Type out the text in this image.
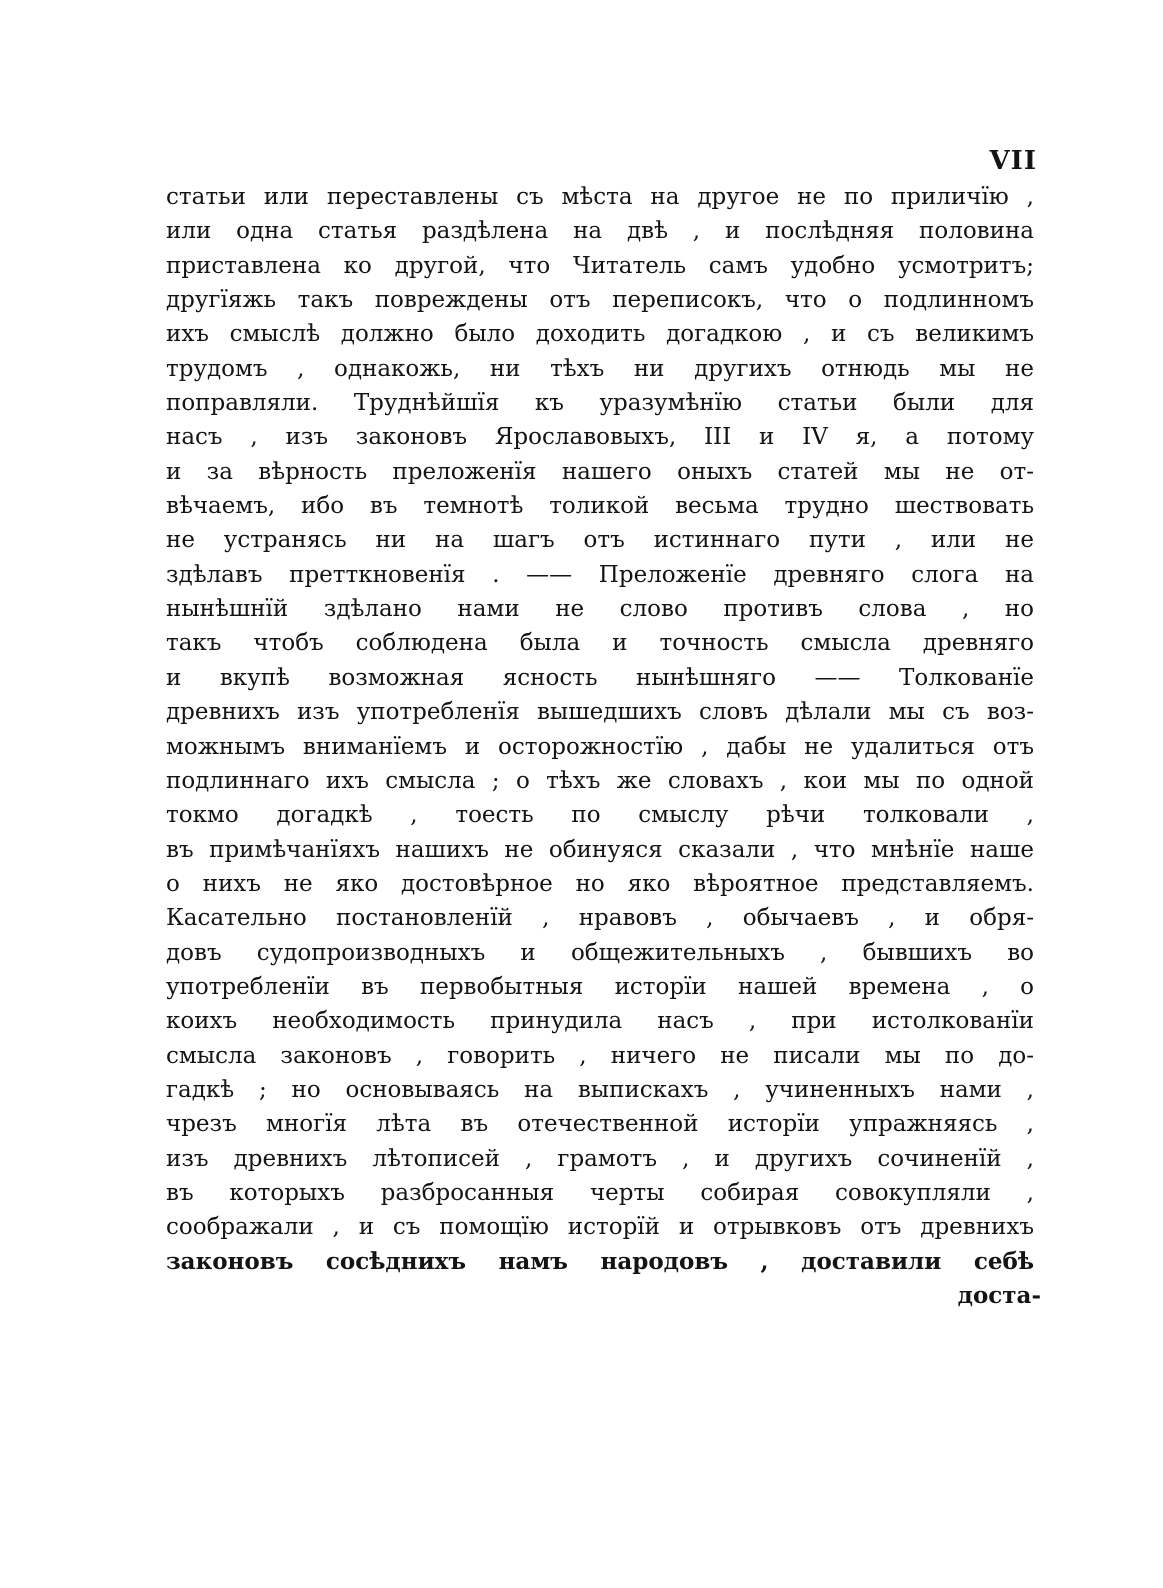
VII
статьи или переставлены съ мѣста на другое не по приличїю ,
или одна статья раздѣлена на двѣ , и послѣдняя половина
приставлена ко другой, что Читатель самъ удобно усмотритъ;
другїяжь такъ повреждены отъ переписокъ, что о подлинномъ
ихъ смыслѣ должно было доходить догадкою , и съ великимъ
трудомъ , однакожь, ни тѣхъ ни другихъ отнюдь мы не
поправляли. Труднѣйшїя къ уразумѣнїю статьи были для
насъ , изъ законовъ Ярославовыхъ, III и IV я, а потому
и за вѣрность преложенїя нашего оныхъ статей мы не от-
вѣчаемъ, ибо въ темнотѣ толикой весьма трудно шествовать
не устранясь ни на шагъ отъ истиннаго пути , или не
здѣлавъ претткновенїя . —— Преложенїе древняго слога на
нынѣшнїй здѣлано нами не слово противъ слова , но
такъ чтобъ соблюдена была и точность смысла древняго
и вкупѣ возможная ясность нынѣшняго —— Толкованїе
древнихъ изъ употребленїя вышедшихъ словъ дѣлали мы съ воз-
можнымъ вниманїемъ и осторожностїю , дабы не удалиться отъ
подлиннаго ихъ смысла ; о тѣхъ же словахъ , кои мы по одной
токмо догадкѣ , тоесть по смыслу рѣчи толковали ,
въ примѣчанїяхъ нашихъ не обинуяся сказали , что мнѣнїе наше
о нихъ не яко достовѣрное но яко вѣроятное представляемъ.
Касательно постановленїй , нравовъ , обычаевъ , и обря-
довъ судопроизводныхъ и общежительныхъ , бывшихъ во
употребленїи въ первобытныя исторїи нашей времена , о
коихъ необходимость принудила насъ , при истолкованїи
смысла законовъ , говорить , ничего не писали мы по до-
гадкѣ ; но основываясь на выпискахъ , учиненныхъ нами ,
чрезъ многїя лѣта въ отечественной исторїи упражняясь ,
изъ древнихъ лѣтописей , грамотъ , и другихъ сочиненїй ,
въ которыхъ разбросанныя черты собирая совокупляли ,
соображали , и съ помощїю исторїй и отрывковъ отъ древнихъ
законовъ сосѣднихъ намъ народовъ , доставили себѣ
доста-
